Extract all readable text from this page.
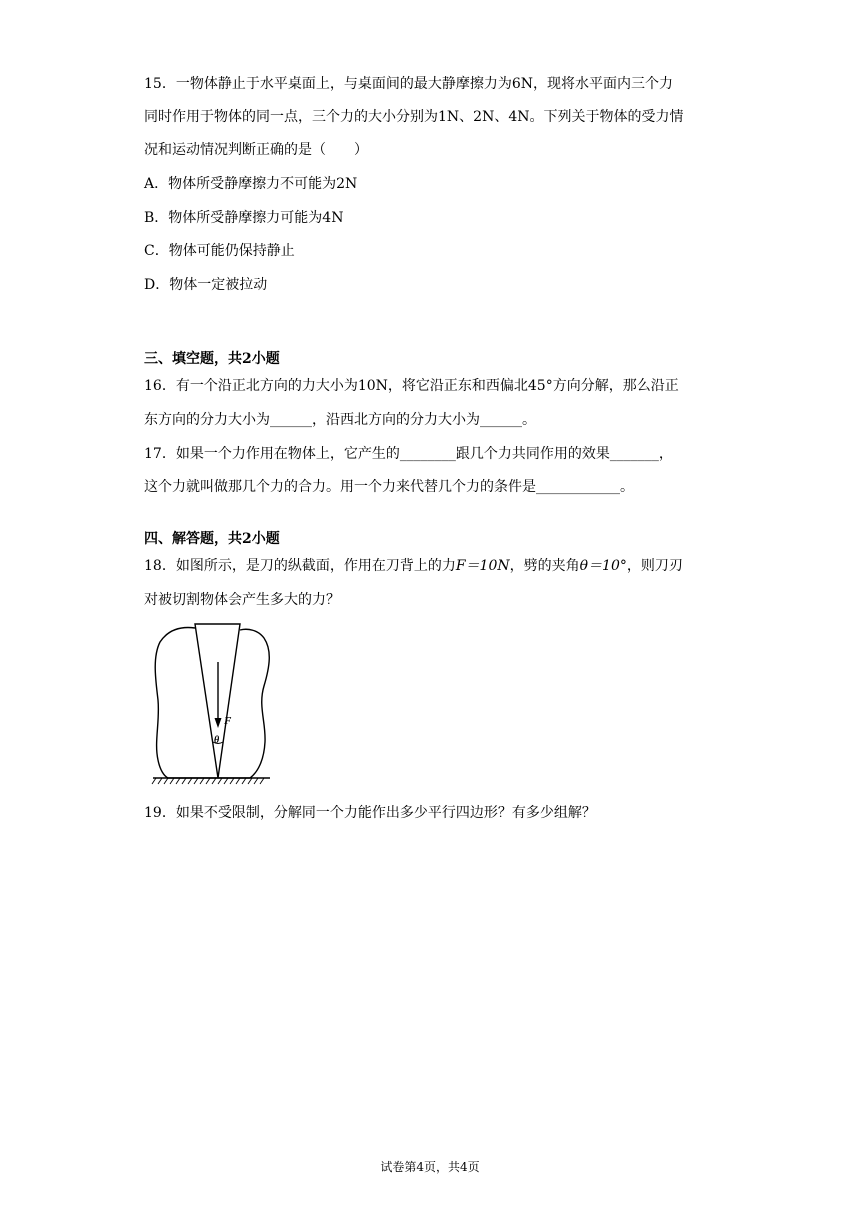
15．一物体静止于水平桌面上，与桌面间的最大静摩擦力为6N，现将水平面内三个力
同时作用于物体的同一点，三个力的大小分别为1N、2N、4N。下列关于物体的受力情
况和运动情况判断正确的是（　　）
A．物体所受静摩擦力不可能为2N
B．物体所受静摩擦力可能为4N
C．物体可能仍保持静止
D．物体一定被拉动
三、填空题，共2小题
16．有一个沿正北方向的力大小为10N，将它沿正东和西偏北45°方向分解，那么沿正
东方向的分力大小为______，沿西北方向的分力大小为______。
17．如果一个力作用在物体上，它产生的________跟几个力共同作用的效果_______，
这个力就叫做那几个力的合力。用一个力来代替几个力的条件是____________。
四、解答题，共2小题
18．如图所示，是刀的纵截面，作用在刀背上的力F＝10N，劈的夹角θ＝10°，则刀刃
对被切割物体会产生多大的力？
F
θ
19．如果不受限制，分解同一个力能作出多少平行四边形？有多少组解？
试卷第4页，共4页
